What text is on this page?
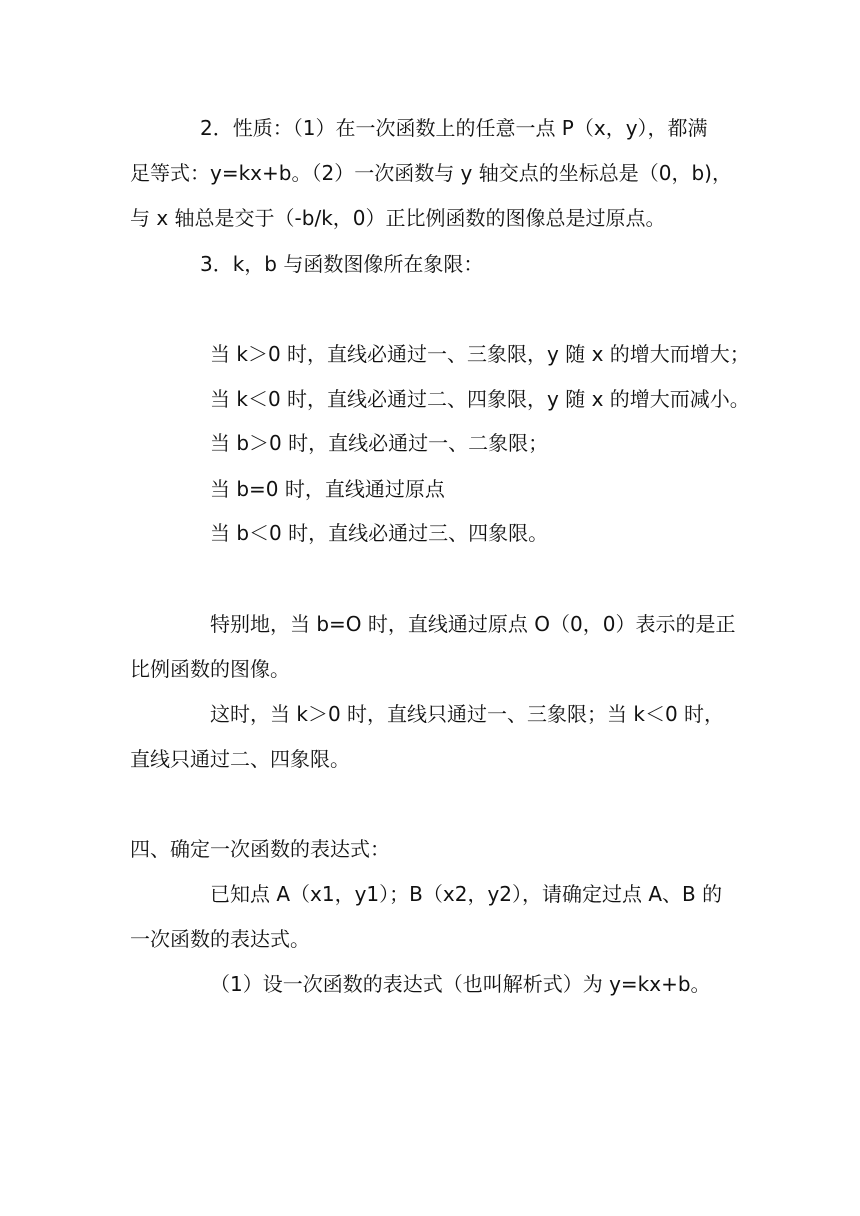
2．性质：（1）在一次函数上的任意一点 P（x，y），都满
足等式：y=kx+b。（2）一次函数与 y 轴交点的坐标总是（0，b)，
与 x 轴总是交于（-b/k，0）正比例函数的图像总是过原点。
3．k，b 与函数图像所在象限：
当 k＞0 时，直线必通过一、三象限，y 随 x 的增大而增大；
当 k＜0 时，直线必通过二、四象限，y 随 x 的增大而减小。
当 b＞0 时，直线必通过一、二象限；
当 b=0 时，直线通过原点
当 b＜0 时，直线必通过三、四象限。
特别地，当 b=O 时，直线通过原点 O（0，0）表示的是正
比例函数的图像。
这时，当 k＞0 时，直线只通过一、三象限；当 k＜0 时，
直线只通过二、四象限。
四、确定一次函数的表达式：
已知点 A（x1，y1）；B（x2，y2），请确定过点 A、B 的
一次函数的表达式。
（1）设一次函数的表达式（也叫解析式）为 y=kx+b。
